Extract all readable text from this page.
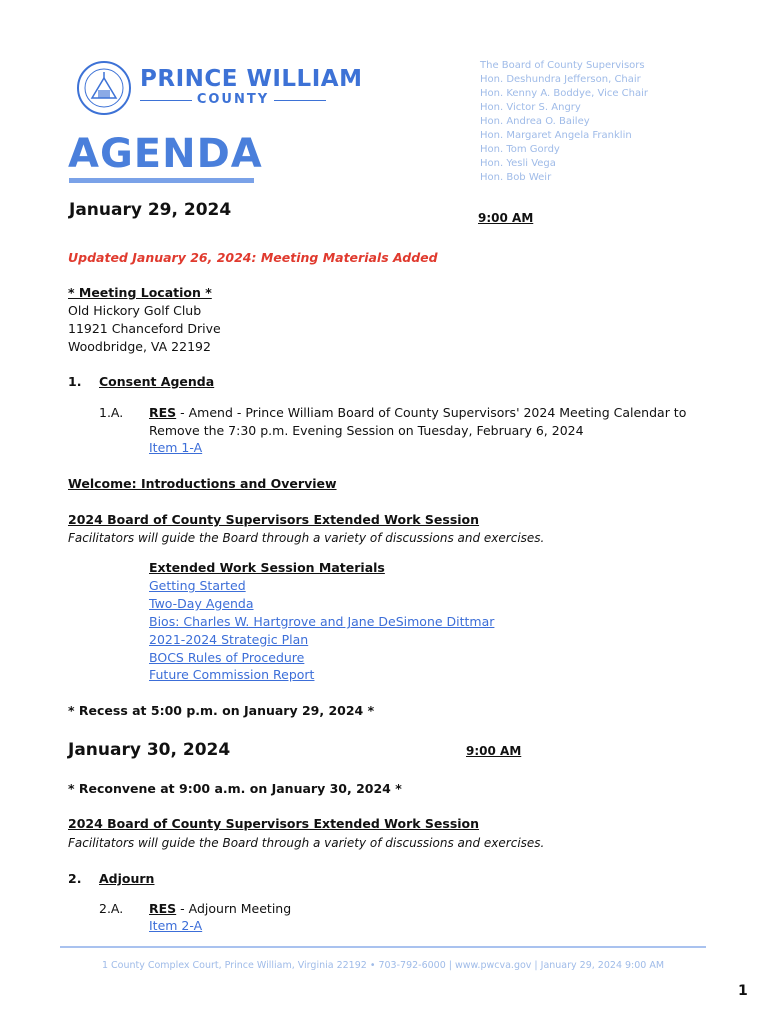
PRINCE WILLIAM
COUNTY
AGENDA
The Board of County Supervisors
Hon. Deshundra Jefferson, Chair
Hon. Kenny A. Boddye, Vice Chair
Hon. Victor S. Angry
Hon. Andrea O. Bailey
Hon. Margaret Angela Franklin
Hon. Tom Gordy
Hon. Yesli Vega
Hon. Bob Weir
January 29, 2024	9:00 AM
Updated January 26, 2024: Meeting Materials Added
* Meeting Location *
Old Hickory Golf Club
11921 Chanceford Drive
Woodbridge, VA 22192
1. Consent Agenda
1.A. RES - Amend - Prince William Board of County Supervisors' 2024 Meeting Calendar to
Remove the 7:30 p.m. Evening Session on Tuesday, February 6, 2024
Item 1-A
Welcome: Introductions and Overview
2024 Board of County Supervisors Extended Work Session
Facilitators will guide the Board through a variety of discussions and exercises.
Extended Work Session Materials
Getting Started
Two-Day Agenda
Bios: Charles W. Hartgrove and Jane DeSimone Dittmar
2021-2024 Strategic Plan
BOCS Rules of Procedure
Future Commission Report
* Recess at 5:00 p.m. on January 29, 2024 *
January 30, 2024	9:00 AM
* Reconvene at 9:00 a.m. on January 30, 2024 *
2024 Board of County Supervisors Extended Work Session
Facilitators will guide the Board through a variety of discussions and exercises.
2. Adjourn
2.A. RES - Adjourn Meeting
Item 2-A
1 County Complex Court, Prince William, Virginia 22192 • 703-792-6000 | www.pwcva.gov | January 29, 2024 9:00 AM
1
